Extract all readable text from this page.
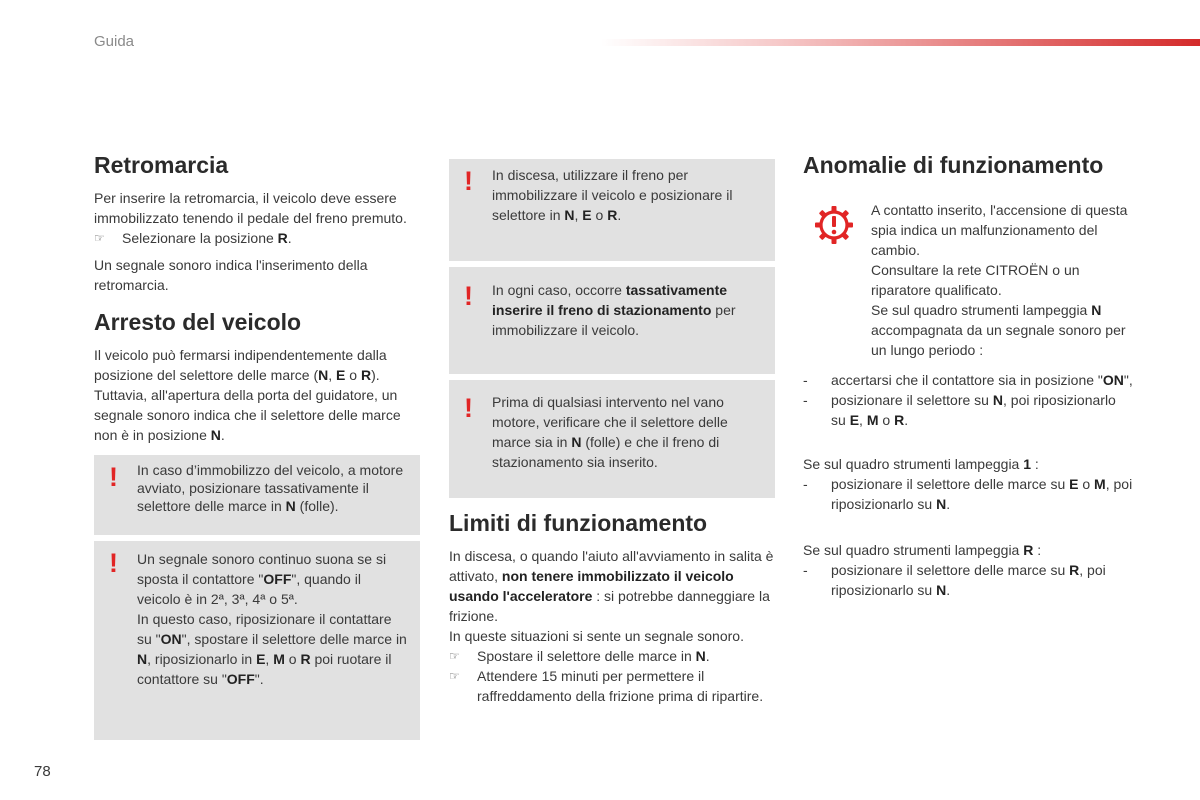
Guida
78
Retromarcia

Per inserire la retromarcia, il veicolo deve essere immobilizzato tenendo il pedale del freno premuto.

☞ Selezionare la posizione R.

Un segnale sonoro indica l'inserimento della retromarcia.

Arresto del veicolo

Il veicolo può fermarsi indipendentemente dalla posizione del selettore delle marce (N, E o R). Tuttavia, all'apertura della porta del guidatore, un segnale sonoro indica che il selettore delle marce non è in posizione N.

! In caso d’immobilizzo del veicolo, a motore avviato, posizionare tassativamente il selettore delle marce in N (folle).
! Un segnale sonoro continuo suona se si sposta il contattore "OFF", quando il veicolo è in 2ª, 3ª, 4ª o 5ª.
In questo caso, riposizionare il contattare su "ON", spostare il selettore delle marce in N, riposizionarlo in E, M o R poi ruotare il contattore su "OFF".
! In discesa, utilizzare il freno per immobilizzare il veicolo e posizionare il selettore in N, E o R.
! In ogni caso, occorre tassativamente inserire il freno di stazionamento per immobilizzare il veicolo.
! Prima di qualsiasi intervento nel vano motore, verificare che il selettore delle marce sia in N (folle) e che il freno di stazionamento sia inserito.
Limiti di funzionamento

In discesa, o quando l'aiuto all'avviamento in salita è attivato, non tenere immobilizzato il veicolo usando l'acceleratore : si potrebbe danneggiare la frizione.

In queste situazioni si sente un segnale sonoro.

☞ Spostare il selettore delle marce in N.
☞ Attendere 15 minuti per permettere il raffreddamento della frizione prima di ripartire.
Anomalie di funzionamento

A contatto inserito, l'accensione di questa spia indica un malfunzionamento del cambio.

Consultare la rete CITROËN o un riparatore qualificato.

Se sul quadro strumenti lampeggia N accompagnata da un segnale sonoro per un lungo periodo :

- accertarsi che il contattore sia in posizione "ON",
- posizionare il selettore su N, poi riposizionarlo su E, M o R.

Se sul quadro strumenti lampeggia 1 :

- posizionare il selettore delle marce su E o M, poi riposizionarlo su N.

Se sul quadro strumenti lampeggia R :

- posizionare il selettore delle marce su R, poi riposizionarlo su N.
